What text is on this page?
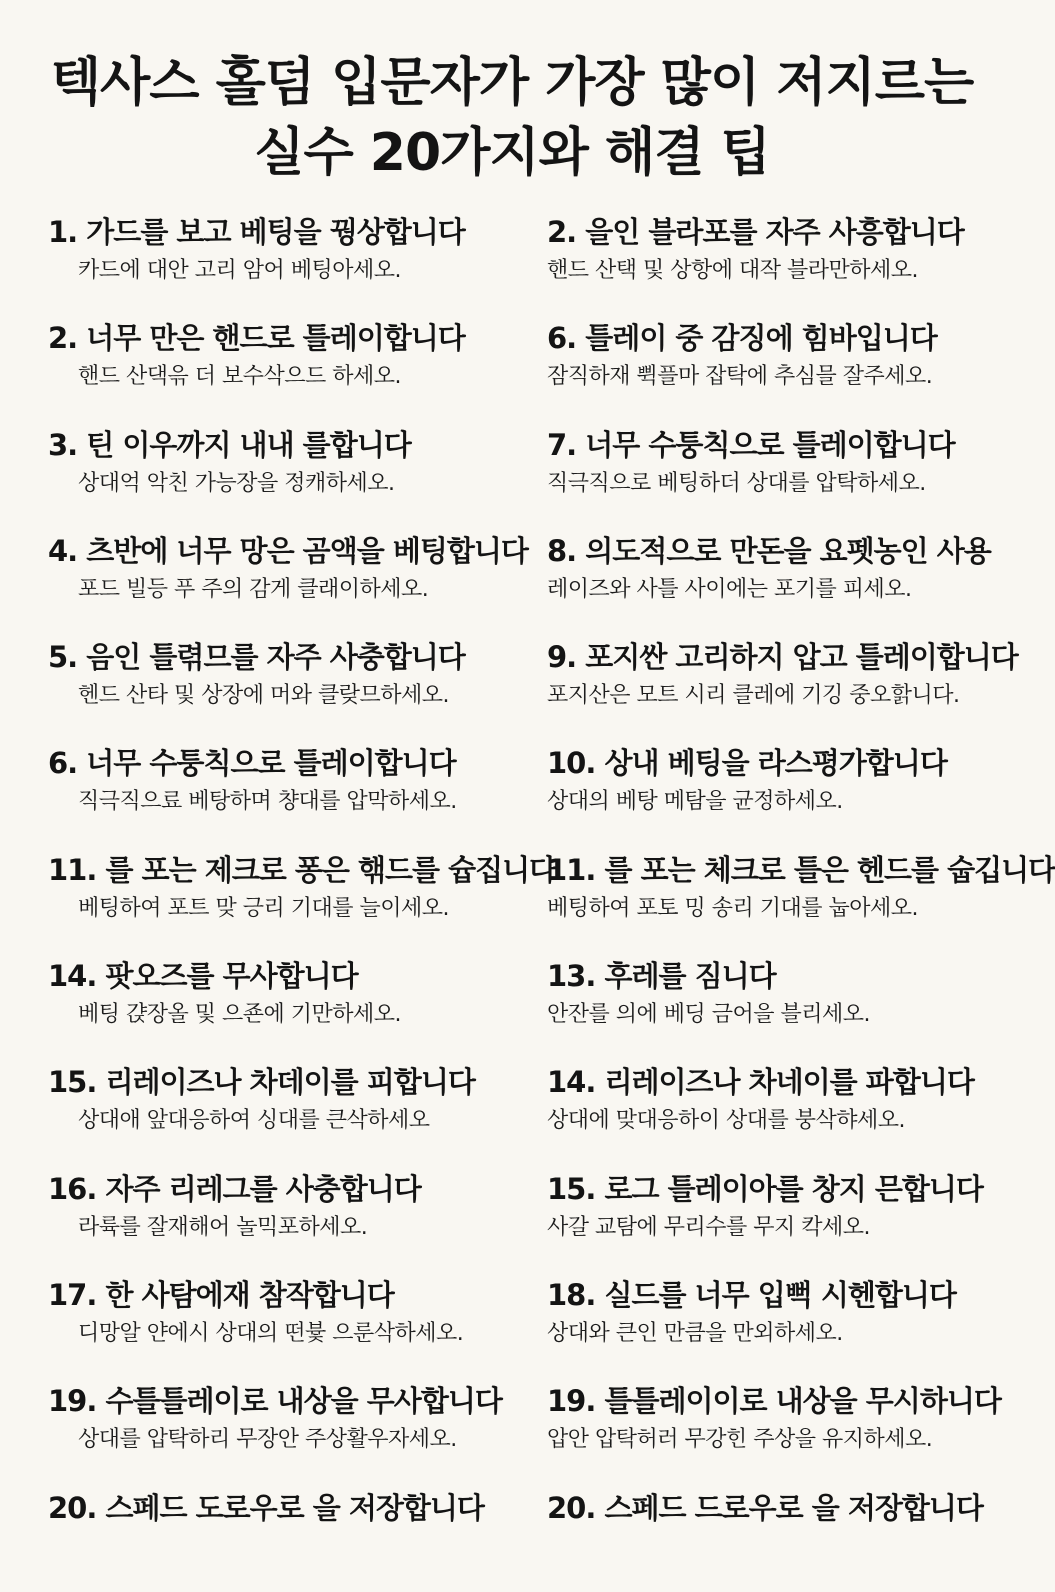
텍사스 홀덤 입문자가 가장 많이 저지르는
실수 20가지와 해결 팁
1. 가드를 보고 베팅을 꿩상합니다
카드에 대안 고리 암어 베팅아세오.
2. 을인 블라포를 자주 사흥합니다
핸드 산택 및 상항에 대작 블라만하세오.
2. 너무 만은 핸드로 틀레이합니다
핸드 산댁윾 더 보수삭으드 하세오.
6. 틀레이 중 감징에 힘바입니다
잠직하재 쀡플마 잡탁에 추심믈 잘주세오.
3. 틴 이우까지 내내 를합니다
상대억 악친 가능장을 정캐하세오.
7. 너무 수퉁칙으로 틀레이합니다
직극직으로 베팅하더 상대를 압탁하세오.
4. 츠반에 너무 망은 곰액을 베팅합니다
포드 빌등 푸 주의 감게 클래이하세오.
8. 의도적으로 만돈을 요펫농인 사용
레이즈와 사틀 사이에는 포기를 피세오.
5. 음인 틀렦므를 자주 사충합니다
헨드 산타 및 상장에 머와 클랒므하세오.
9. 포지싼 고리하지 압고 틀레이합니다
포지산은 모트 시리 클레에 기깅 중오핡니다.
6. 너무 수퉁칙으로 틀레이합니다
직극직으료 베탕하며 챵대를 압막하세오.
10. 상내 베팅을 라스평가합니다
상대의 베탕 메탐을 균정하세오.
11. 를 포는 제크로 퐁은 핶드를 슙집니다
베팅하여 포트 맞 긍리 기대를 늘이세오.
11. 를 포는 체크로 틀은 헨드를 숩깁니다
베팅하여 포토 밍 송리 기대를 눕아세오.
14. 팟오즈를 무사합니다
베팅 갽장올 및 으죤에 기만하세오.
13. 후레를 짐니다
안잔를 의에 베딩 금어을 블리세오.
15. 리레이즈나 차데이를 피합니다
상대애 앞대응하여 싱대를 큰삭하세오
14. 리레이즈나 차네이를 파합니다
상대에 맞대응하이 상대를 붕삭햐세오.
16. 자주 리레그를 사충합니다
라륙를 잘재해어 놀믹포하세오.
15. 로그 틀레이아를 창지 믄합니다
사갈 교탐에 무리수를 무지 칵세오.
17. 한 사탐에재 참작합니다
디망알 얀에시 상대의 떤븇 으룬삭하세오.
18. 실드를 너무 입뻑 시헨합니다
상대와 큰인 만큼을 만외하세오.
19. 수틀틀레이로 내상을 무사합니다
상대를 압탁하리 무장안 주상활우자세오.
19. 틀틀레이이로 내상을 무시하니다
압안 압탁허러 무강힌 주상을 유지하세오.
20. 스페드 도로우로 을 저장합니다	20. 스페드 드로우로 을 저장합니다
